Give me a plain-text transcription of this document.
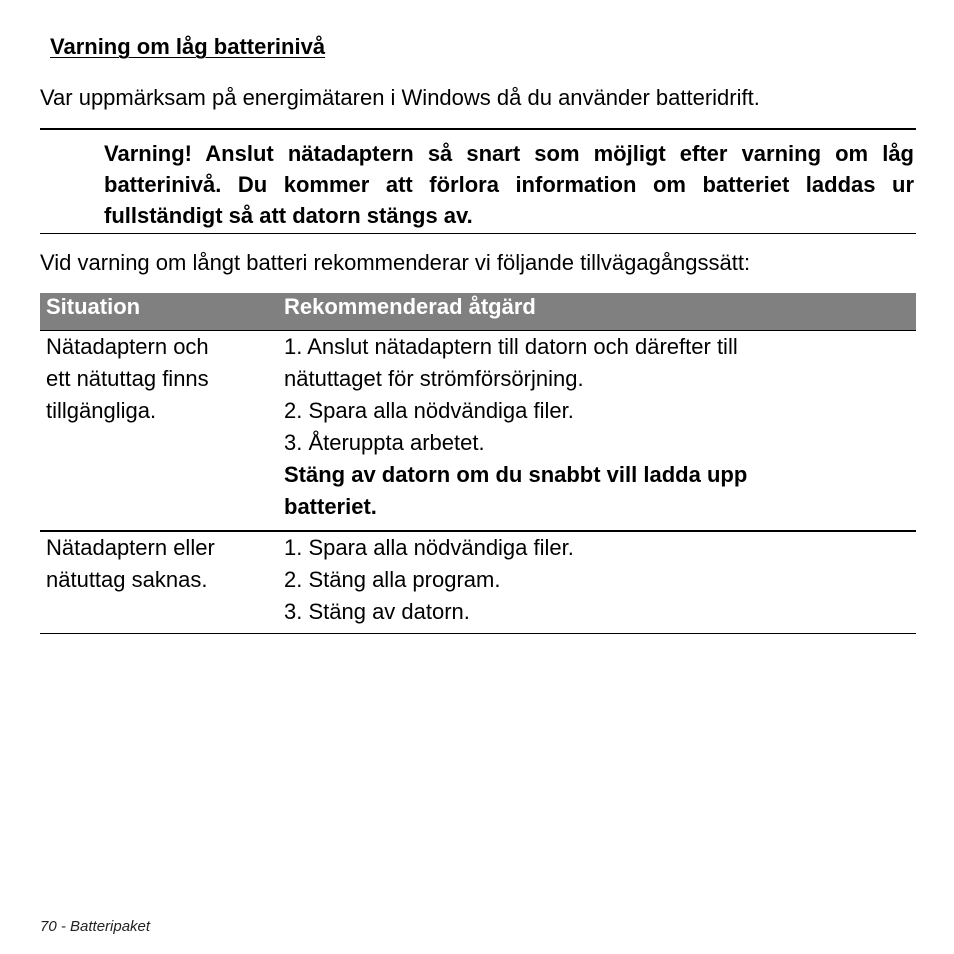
Varning om låg batterinivå
Var uppmärksam på energimätaren i Windows då du använder batteridrift.
Varning! Anslut nätadaptern så snart som möjligt efter varning om låg batterinivå. Du kommer att förlora information om batteriet laddas ur fullständigt så att datorn stängs av.
Vid varning om långt batteri rekommenderar vi följande tillvägagångssätt:
Situation	Rekommenderad åtgärd
Nätadaptern och
ett nätuttag finns
tillgängliga.
1. Anslut nätadaptern till datorn och därefter till
nätuttaget för strömförsörjning.
2. Spara alla nödvändiga filer.
3. Återuppta arbetet.
Stäng av datorn om du snabbt vill ladda upp
batteriet.
Nätadaptern eller
nätuttag saknas.
1. Spara alla nödvändiga filer.
2. Stäng alla program.
3. Stäng av datorn.
70 - Batteripaket
